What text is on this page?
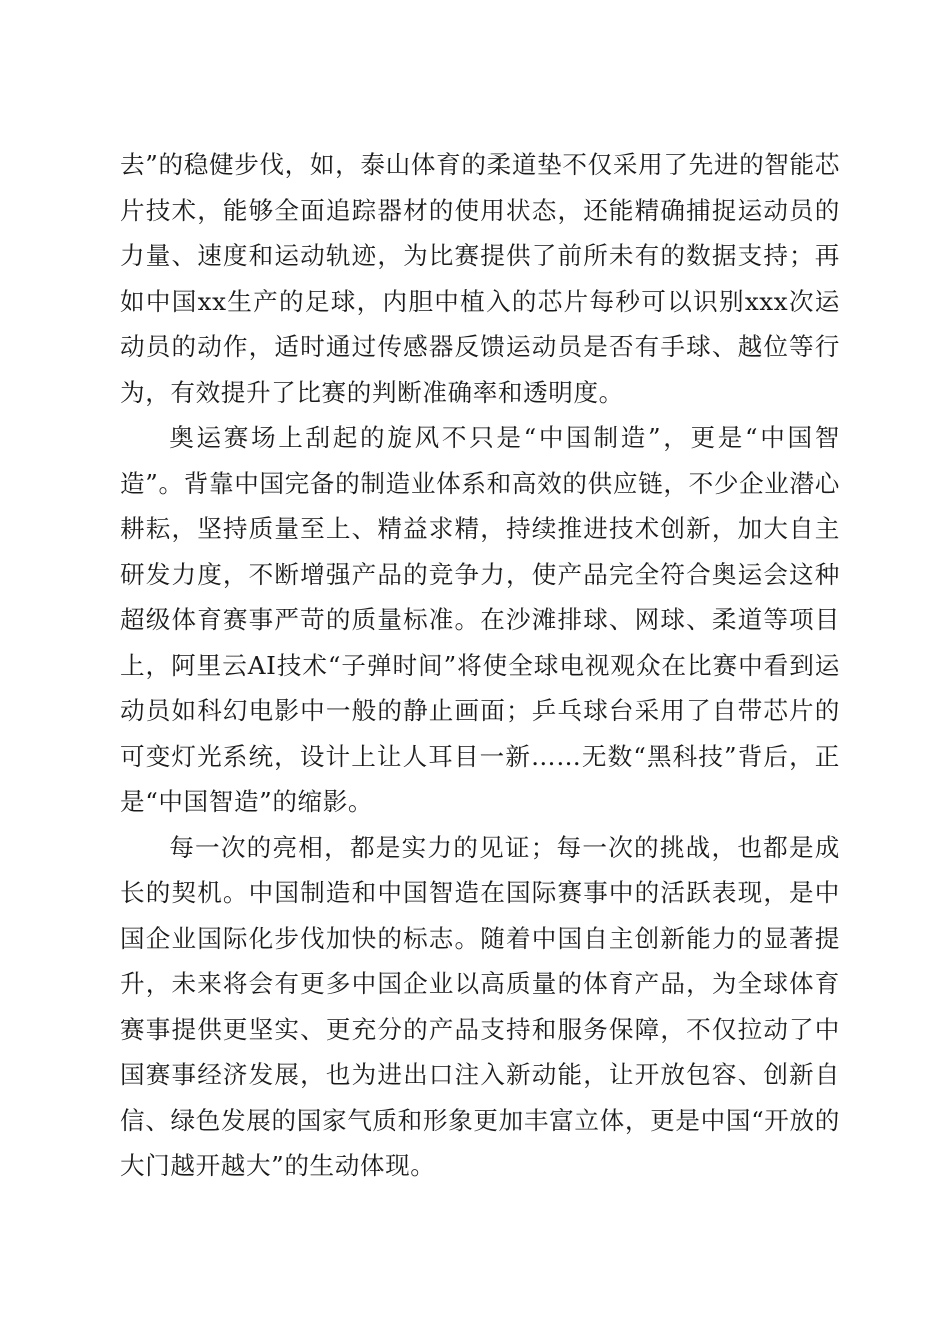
去”的稳健步伐，如，泰山体育的柔道垫不仅采用了先进的智能芯片技术，能够全面追踪器材的使用状态，还能精确捕捉运动员的力量、速度和运动轨迹，为比赛提供了前所未有的数据支持；再如中国xx生产的足球，内胆中植入的芯片每秒可以识别xxx次运动员的动作，适时通过传感器反馈运动员是否有手球、越位等行为，有效提升了比赛的判断准确率和透明度。

奥运赛场上刮起的旋风不只是“中国制造”，更是“中国智造”。背靠中国完备的制造业体系和高效的供应链，不少企业潜心耕耘，坚持质量至上、精益求精，持续推进技术创新，加大自主研发力度，不断增强产品的竞争力，使产品完全符合奥运会这种超级体育赛事严苛的质量标准。在沙滩排球、网球、柔道等项目上，阿里云AI技术“子弹时间”将使全球电视观众在比赛中看到运动员如科幻电影中一般的静止画面；乒乓球台采用了自带芯片的可变灯光系统，设计上让人耳目一新……无数“黑科技”背后，正是“中国智造”的缩影。

每一次的亮相，都是实力的见证；每一次的挑战，也都是成长的契机。中国制造和中国智造在国际赛事中的活跃表现，是中国企业国际化步伐加快的标志。随着中国自主创新能力的显著提升，未来将会有更多中国企业以高质量的体育产品，为全球体育赛事提供更坚实、更充分的产品支持和服务保障，不仅拉动了中国赛事经济发展，也为进出口注入新动能，让开放包容、创新自信、绿色发展的国家气质和形象更加丰富立体，更是中国“开放的大门越开越大”的生动体现。
